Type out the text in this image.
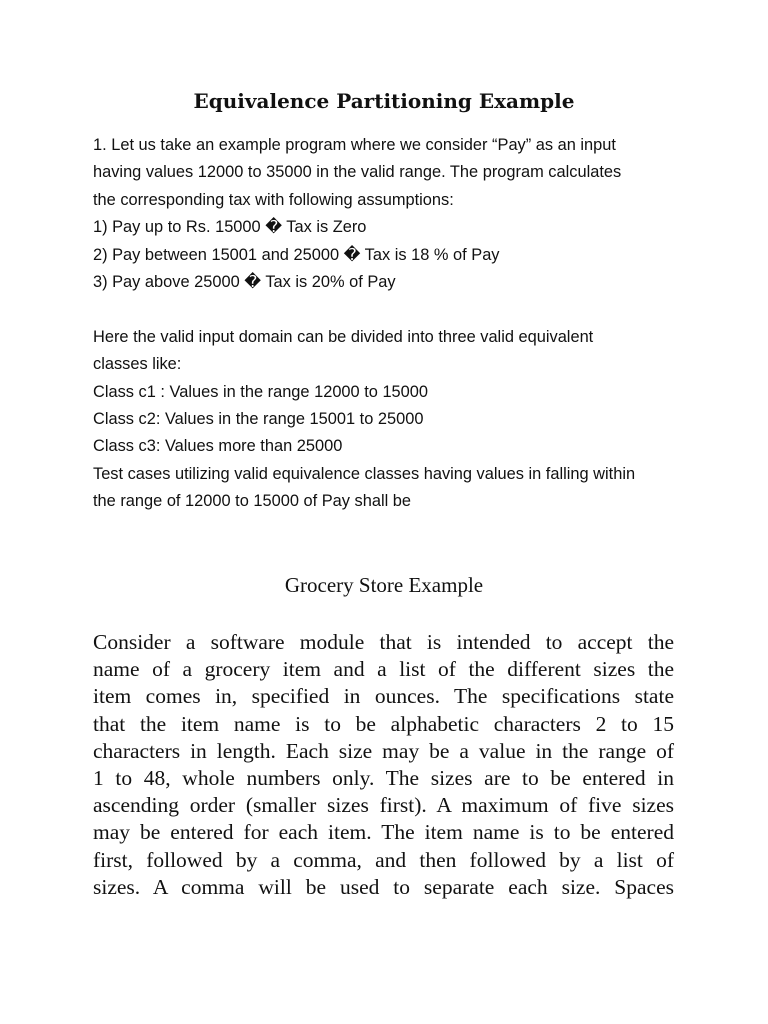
Equivalence Partitioning Example
1. Let us take an example program where we consider “Pay” as an input
having values 12000 to 35000 in the valid range. The program calculates
the corresponding tax with following assumptions:
1) Pay up to Rs. 15000 � Tax is Zero
2) Pay between 15001 and 25000 � Tax is 18 % of Pay
3) Pay above 25000 � Tax is 20% of Pay
Here the valid input domain can be divided into three valid equivalent
classes like:
Class c1 : Values in the range 12000 to 15000
Class c2: Values in the range 15001 to 25000
Class c3: Values more than 25000
Test cases utilizing valid equivalence classes having values in falling within
the range of 12000 to 15000 of Pay shall be
Grocery Store Example
Consider a software module that is intended to accept the
name of a grocery item and a list of the different sizes the
item comes in, specified in ounces. The specifications state
that the item name is to be alphabetic characters 2 to 15
characters in length. Each size may be a value in the range of
1 to 48, whole numbers only. The sizes are to be entered in
ascending order (smaller sizes first). A maximum of five sizes
may be entered for each item. The item name is to be entered
first, followed by a comma, and then followed by a list of
sizes. A comma will be used to separate each size. Spaces
